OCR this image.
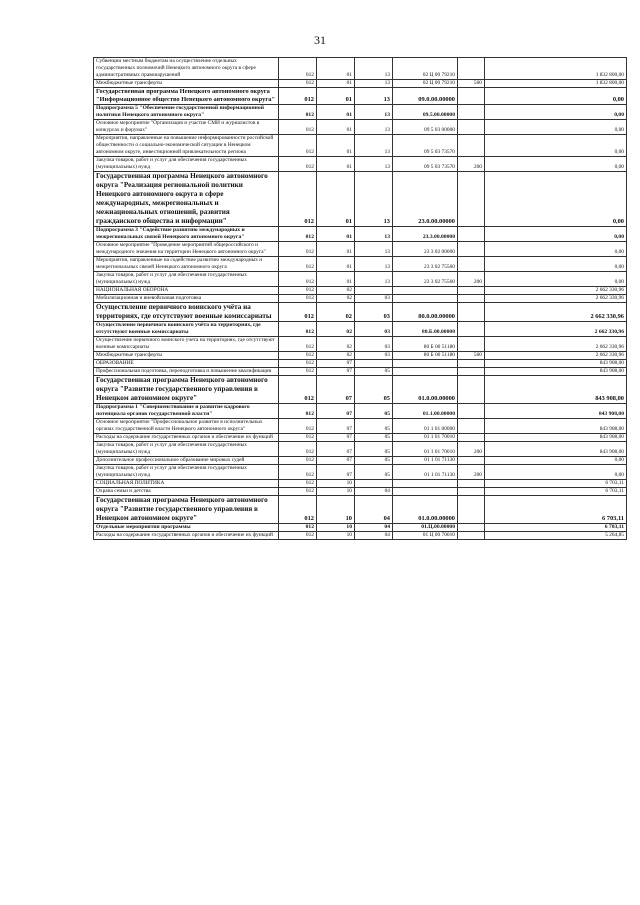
31
Субвенции местным бюджетам на осуществление отдельных государственных полномочий Ненецкого автономного округа в сфере административных правонарушений	012	01	13	02 Ц 00 79210		1 832 800,00
Межбюджетные трансферты	012	01	13	02 Ц 00 79210	500	1 832 800,00
Государственная программа Ненецкого автономного округа "Информационное общество Ненецкого автономного округа"	012	01	13	09.0.00.00000		0,00
Подпрограмма 5 "Обеспечение государственной информационной политики Ненецкого автономного округа"	012	01	13	09.5.00.00000		0,00
Основное мероприятие "Организация и участие СМИ и журналистов в конкурсах и форумах"	012	01	13	09 5 03 00000		0,00
Мероприятия, направленные на повышение информированности российской общественности о социально-экономической ситуации в Ненецком автономном округе, инвестиционной привлекательности региона	012	01	13	09 5 03 73570		0,00
Закупка товаров, работ и услуг для обеспечения государственных (муниципальных) нужд	012	01	13	09 5 03 73570	200	0,00
Государственная программа Ненецкого автономного округа "Реализация региональной политики Ненецкого автономного округа в сфере международных, межрегиональных и межнациональных отношений, развития гражданского общества и информации"	012	01	13	23.0.00.00000		0,00
Подпрограмма 3 "Содействие развитию международных и межрегиональных связей Ненецкого автономного округа"	012	01	13	23.3.00.00000		0,00
Основное мероприятие "Проведение мероприятий общероссийского и международного значения на территории Ненецкого автономного округа"	012	01	13	23 3 02 00000		0,00
Мероприятия, направленные на содействие развитию международных и межрегиональных связей Ненецкого автономного округа	012	01	13	23 3 02 75560		0,00
Закупка товаров, работ и услуг для обеспечения государственных (муниципальных) нужд	012	01	13	23 3 02 75560	200	0,00
НАЦИОНАЛЬНАЯ ОБОРОНА	012	02				2 662 330,96
Мобилизационная и вневойсковая подготовка	012	02	03			2 662 330,96
Осуществление первичного воинского учёта на территориях, где отсутствуют военные комиссариаты	012	02	03	80.0.00.00000		2 662 330,96
Осуществление первичного воинского учёта на территориях, где отсутствуют военные комиссариаты	012	02	03	80.Б.00.00000		2 662 330,96
Осуществление первичного воинского учета на территориях, где отсутствуют военные комиссариаты	012	02	03	80 Б 00 51180		2 662 330,96
Межбюджетные трансферты	012	02	03	80 Б 00 51180	500	2 662 330,96
ОБРАЗОВАНИЕ	012	07				843 908,00
Профессиональная подготовка, переподготовка и повышение квалификации	012	07	05			843 908,00
Государственная программа Ненецкого автономного округа "Развитие государственного управления в Ненецком автономном округе"	012	07	05	01.0.00.00000		843 908,00
Подпрограмма 1 "Совершенствование и развитие кадрового потенциала органов государственной власти"	012	07	05	01.1.00.00000		843 908,00
Основное мероприятие "Профессиональное развитие в исполнительных органах государственной власти Ненецкого автономного округа"	012	07	05	01 1 01 00000		843 908,00
Расходы на содержание государственных органов и обеспечение их функций	012	07	05	01 1 01 70010		843 908,00
Закупка товаров, работ и услуг для обеспечения государственных (муниципальных) нужд	012	07	05	01 1 01 70010	200	843 908,00
Дополнительное профессиональное образование мировых судей	012	07	05	01 1 01 71130		0,00
Закупка товаров, работ и услуг для обеспечения государственных (муниципальных) нужд	012	07	05	01 1 01 71130	200	0,00
СОЦИАЛЬНАЯ ПОЛИТИКА	012	10				6 703,11
Охрана семьи и детства	012	10	04			6 703,11
Государственная программа Ненецкого автономного округа "Развитие государственного управления в Ненецком автономном округе"	012	10	04	01.0.00.00000		6 703,11
Отдельные мероприятия программы	012	10	04	01.Ц.00.00000		6 703,11
Расходы на содержание государственных органов и обеспечение их функций	012	10	04	01 Ц 00 70010		5 264,85
